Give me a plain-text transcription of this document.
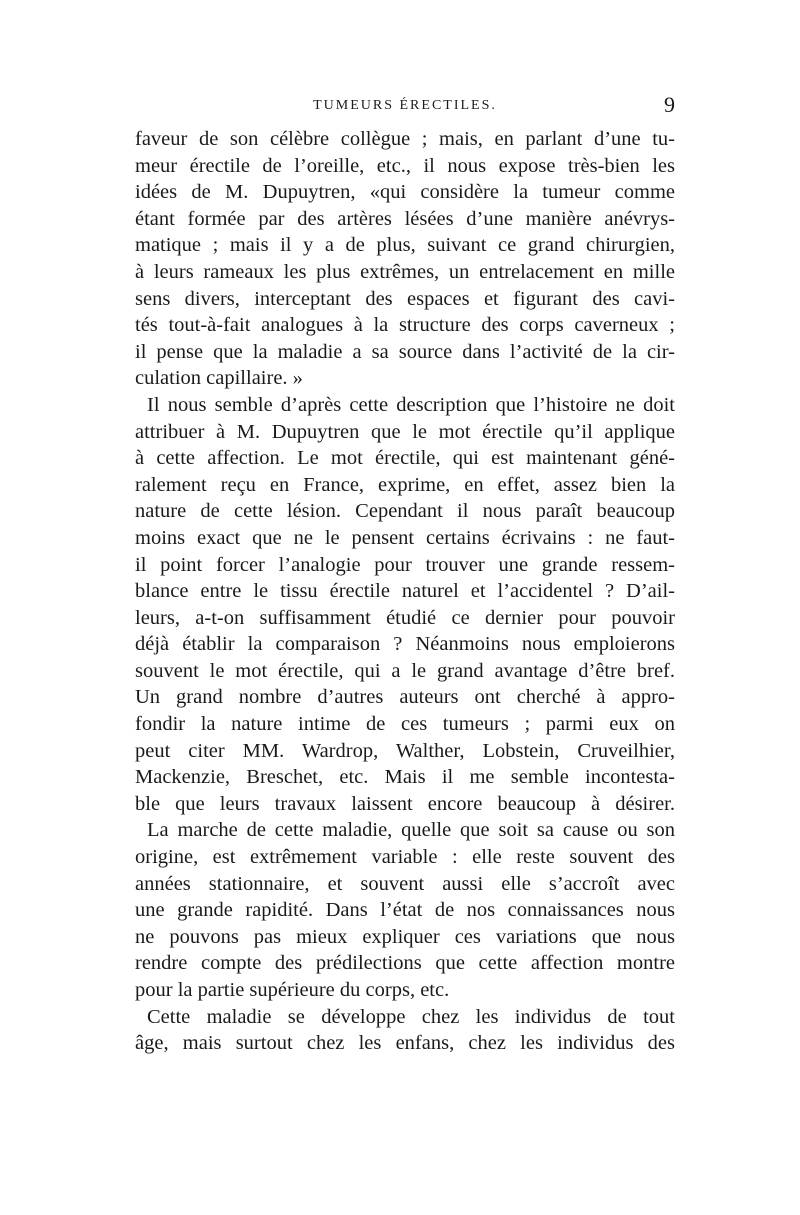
TUMEURS ÉRECTILES.	9
faveur de son célèbre collègue ; mais, en parlant d’une tu-
meur érectile de l’oreille, etc., il nous expose très-bien les
idées de M. Dupuytren, «qui considère la tumeur comme
étant formée par des artères lésées d’une manière anévrys-
matique ; mais il y a de plus, suivant ce grand chirurgien,
à leurs rameaux les plus extrêmes, un entrelacement en mille
sens divers, interceptant des espaces et figurant des cavi-
tés tout-à-fait analogues à la structure des corps caverneux ;
il pense que la maladie a sa source dans l’activité de la cir-
culation capillaire. »
Il nous semble d’après cette description que l’histoire ne doit
attribuer à M. Dupuytren que le mot érectile qu’il applique
à cette affection. Le mot érectile, qui est maintenant géné-
ralement reçu en France, exprime, en effet, assez bien la
nature de cette lésion. Cependant il nous paraît beaucoup
moins exact que ne le pensent certains écrivains : ne faut-
il point forcer l’analogie pour trouver une grande ressem-
blance entre le tissu érectile naturel et l’accidentel ? D’ail-
leurs, a-t-on suffisamment étudié ce dernier pour pouvoir
déjà établir la comparaison ? Néanmoins nous emploierons
souvent le mot érectile, qui a le grand avantage d’être bref.
Un grand nombre d’autres auteurs ont cherché à appro-
fondir la nature intime de ces tumeurs ; parmi eux on
peut citer MM. Wardrop, Walther, Lobstein, Cruveilhier,
Mackenzie, Breschet, etc. Mais il me semble incontesta-
ble que leurs travaux laissent encore beaucoup à désirer.
La marche de cette maladie, quelle que soit sa cause ou son
origine, est extrêmement variable : elle reste souvent des
années stationnaire, et souvent aussi elle s’accroît avec
une grande rapidité. Dans l’état de nos connaissances nous
ne pouvons pas mieux expliquer ces variations que nous
rendre compte des prédilections que cette affection montre
pour la partie supérieure du corps, etc.
Cette maladie se développe chez les individus de tout
âge, mais surtout chez les enfans, chez les individus des
